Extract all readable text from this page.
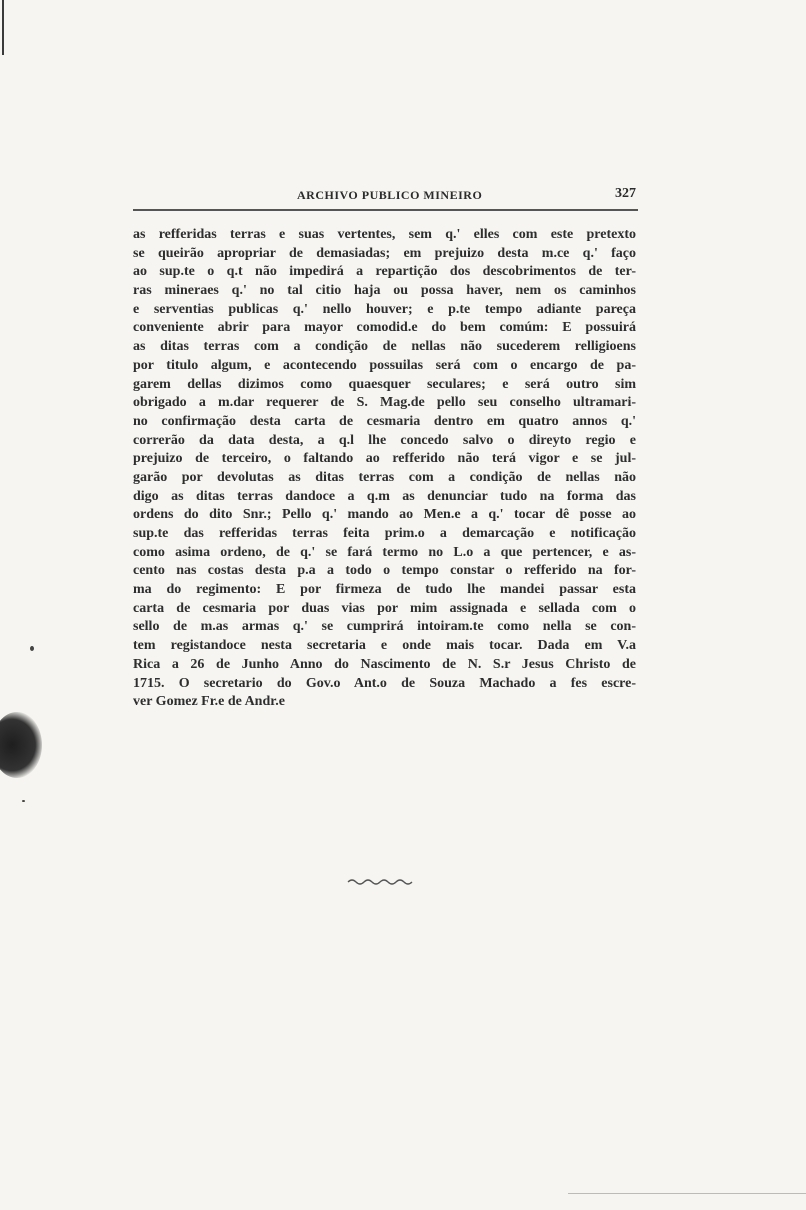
ARCHIVO PUBLICO MINEIRO	327
as refferidas terras e suas vertentes, sem q.' elles com este pretexto
se queirão apropriar de demasiadas; em prejuizo desta m.ce q.' faço
ao sup.te o q.t não impedirá a repartição dos descobrimentos de ter-
ras mineraes q.' no tal citio haja ou possa haver, nem os caminhos
e serventias publicas q.' nello houver; e p.te tempo adiante pareça
conveniente abrir para mayor comodid.e do bem comúm: E possuirá
as ditas terras com a condição de nellas não sucederem relligioens
por titulo algum, e acontecendo possuilas será com o encargo de pa-
garem dellas dizimos como quaesquer seculares; e será outro sim
obrigado a m.dar requerer de S. Mag.de pello seu conselho ultramari-
no confirmação desta carta de cesmaria dentro em quatro annos q.'
correrão da data desta, a q.l lhe concedo salvo o direyto regio e
prejuizo de terceiro, o faltando ao refferido não terá vigor e se jul-
garão por devolutas as ditas terras com a condição de nellas não
digo as ditas terras dandoce a q.m as denunciar tudo na forma das
ordens do dito Snr.; Pello q.' mando ao Men.e a q.' tocar dê posse ao
sup.te das refferidas terras feita prim.o a demarcação e notificação
como asima ordeno, de q.' se fará termo no L.o a que pertencer, e as-
cento nas costas desta p.a a todo o tempo constar o refferido na for-
ma do regimento: E por firmeza de tudo lhe mandei passar esta
carta de cesmaria por duas vias por mim assignada e sellada com o
sello de m.as armas q.' se cumprirá intoiram.te como nella se con-
tem registandoce nesta secretaria e onde mais tocar. Dada em V.a
Rica a 26 de Junho Anno do Nascimento de N. S.r Jesus Christo de
1715. O secretario do Gov.o Ant.o de Souza Machado a fes escre-
ver Gomez Fr.e de Andr.e
